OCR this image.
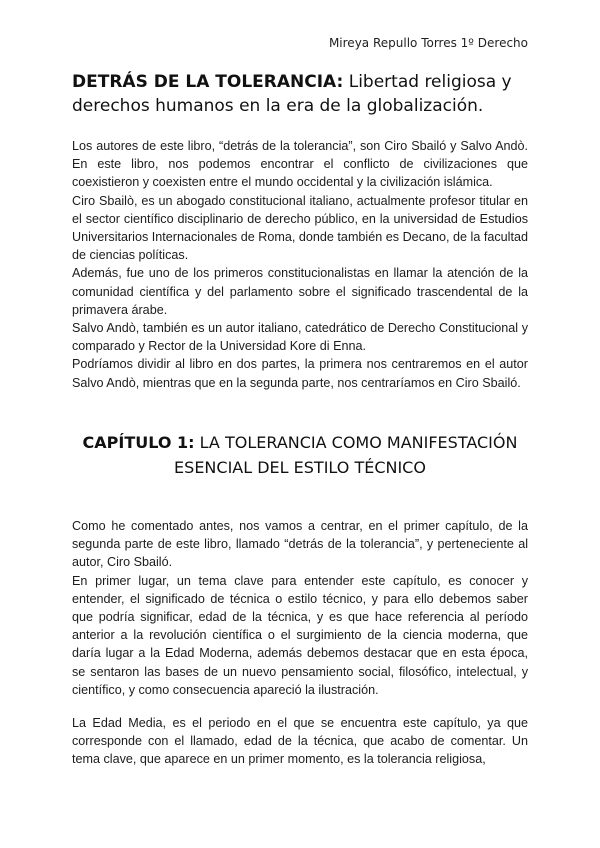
Mireya Repullo Torres 1º Derecho
DETRÁS DE LA TOLERANCIA: Libertad religiosa y derechos humanos en la era de la globalización.
Los autores de este libro, “detrás de la tolerancia”, son Ciro Sbailó y Salvo Andò. En este libro, nos podemos encontrar el conflicto de civilizaciones que coexistieron y coexisten entre el mundo occidental y la civilización islámica.
Ciro Sbailò, es un abogado constitucional italiano, actualmente profesor titular en el sector científico disciplinario de derecho público, en la universidad de Estudios Universitarios Internacionales de Roma, donde también es Decano, de la facultad de ciencias políticas.
Además, fue uno de los primeros constitucionalistas en llamar la atención de la comunidad científica y del parlamento sobre el significado trascendental de la primavera árabe.
Salvo Andò, también es un autor italiano, catedrático de Derecho Constitucional y comparado y Rector de la Universidad Kore di Enna.
Podríamos dividir al libro en dos partes, la primera nos centraremos en el autor Salvo Andò, mientras que en la segunda parte, nos centraríamos en Ciro Sbailó.
CAPÍTULO 1: LA TOLERANCIA COMO MANIFESTACIÓN ESENCIAL DEL ESTILO TÉCNICO
Como he comentado antes, nos vamos a centrar, en el primer capítulo, de la segunda parte de este libro, llamado “detrás de la tolerancia”, y perteneciente al autor, Ciro Sbailó.
En primer lugar, un tema clave para entender este capítulo, es conocer y entender, el significado de técnica o estilo técnico, y para ello debemos saber que podría significar, edad de la técnica, y es que hace referencia al período anterior a la revolución científica o el surgimiento de la ciencia moderna, que daría lugar a la Edad Moderna, además debemos destacar que en esta época, se sentaron las bases de un nuevo pensamiento social, filosófico, intelectual, y científico, y como consecuencia apareció la ilustración.
La Edad Media, es el periodo en el que se encuentra este capítulo, ya que corresponde con el llamado, edad de la técnica, que acabo de comentar. Un tema clave, que aparece en un primer momento, es la tolerancia religiosa,
